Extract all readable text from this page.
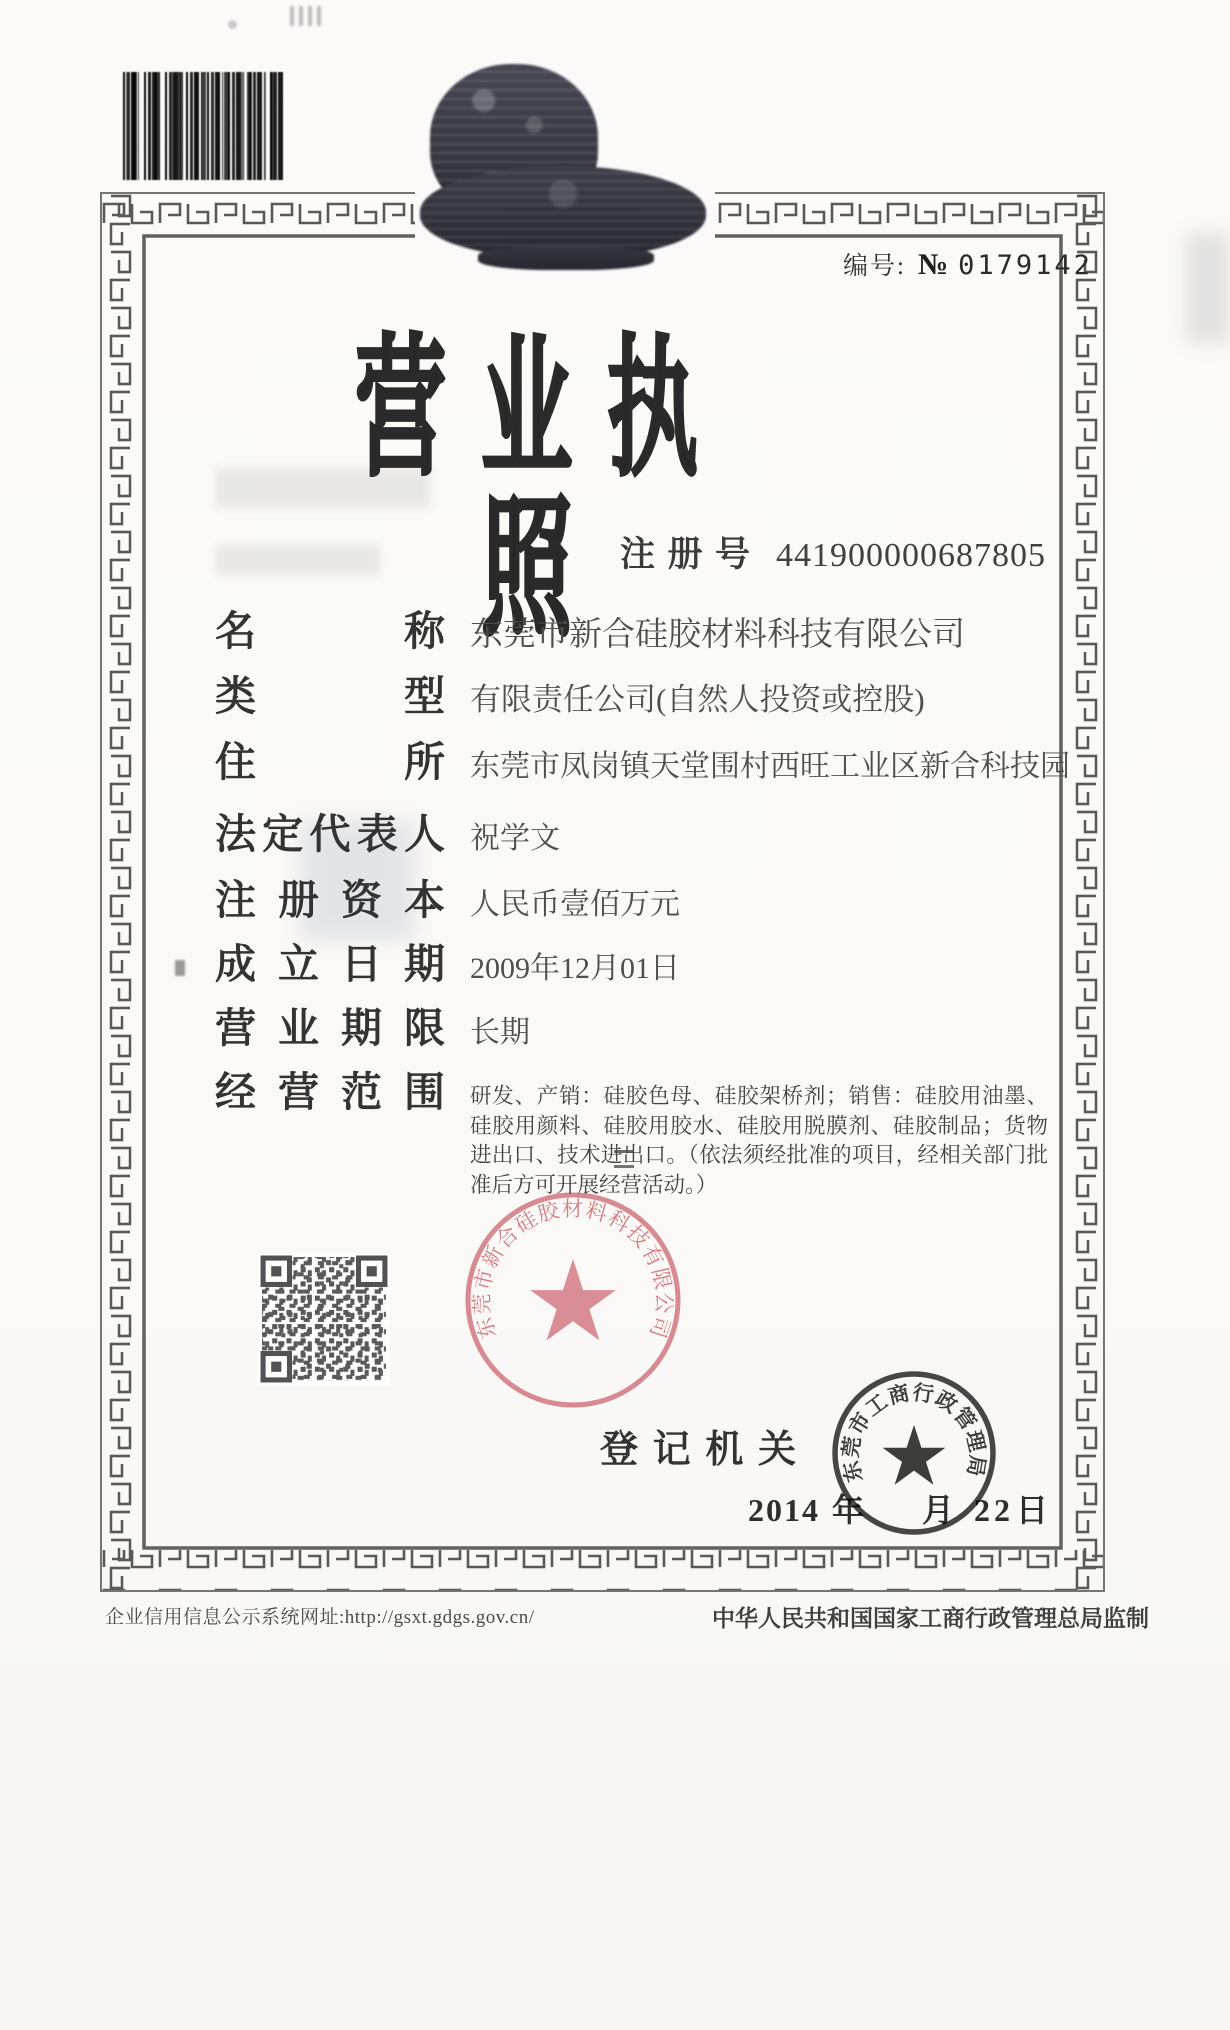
编号: № 0179142
营业执照 注 册 号 441900000687805
名	称 东莞市新合硅胶材料科技有限公司
类	型 有限责任公司(自然人投资或控股)
住	所 东莞市凤岗镇天堂围村西旺工业区新合科技园
法 定 代 表 人 祝学文
注 册 资 本 人民币壹佰万元
成 立 日 期 2009年12月01日
营 业 期 限 长期
经 营 范 围 研发、产销：硅胶色母、硅胶架桥剂；销售：硅胶用油墨、硅胶用颜料、硅胶用胶水、硅胶用脱膜剂、硅胶制品；货物进出口、技术进出口。（依法须经批准的项目，经相关部门批准后方可开展经营活动。）
东莞市新合硅胶材料科技有限公司
登 记 机 关
2014 年 月 22 日
东莞市工商行政管理局
企业信用信息公示系统网址:http://gsxt.gdgs.gov.cn/	中华人民共和国国家工商行政管理总局监制
